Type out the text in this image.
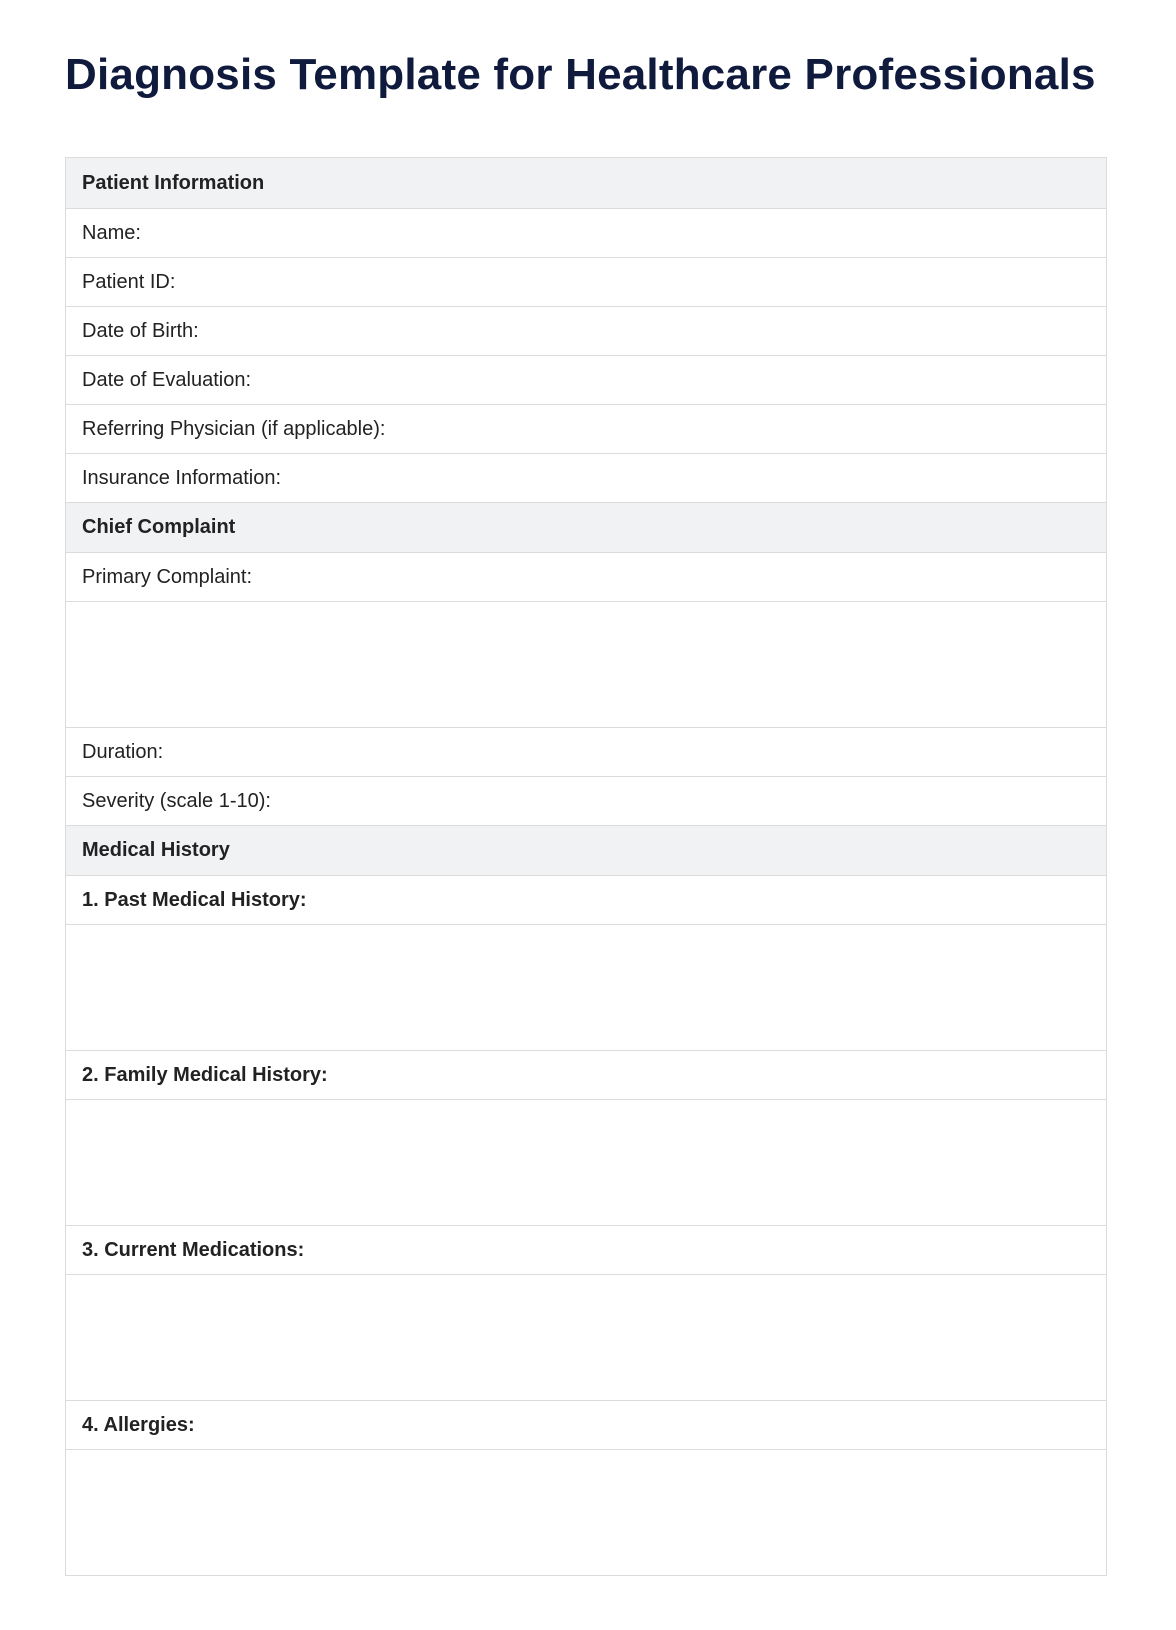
Diagnosis Template for Healthcare Professionals
Patient Information
Name:
Patient ID:
Date of Birth:
Date of Evaluation:
Referring Physician (if applicable):
Insurance Information:
Chief Complaint
Primary Complaint:
Duration:
Severity (scale 1-10):
Medical History
1. Past Medical History:
2. Family Medical History:
3. Current Medications:
4. Allergies:
